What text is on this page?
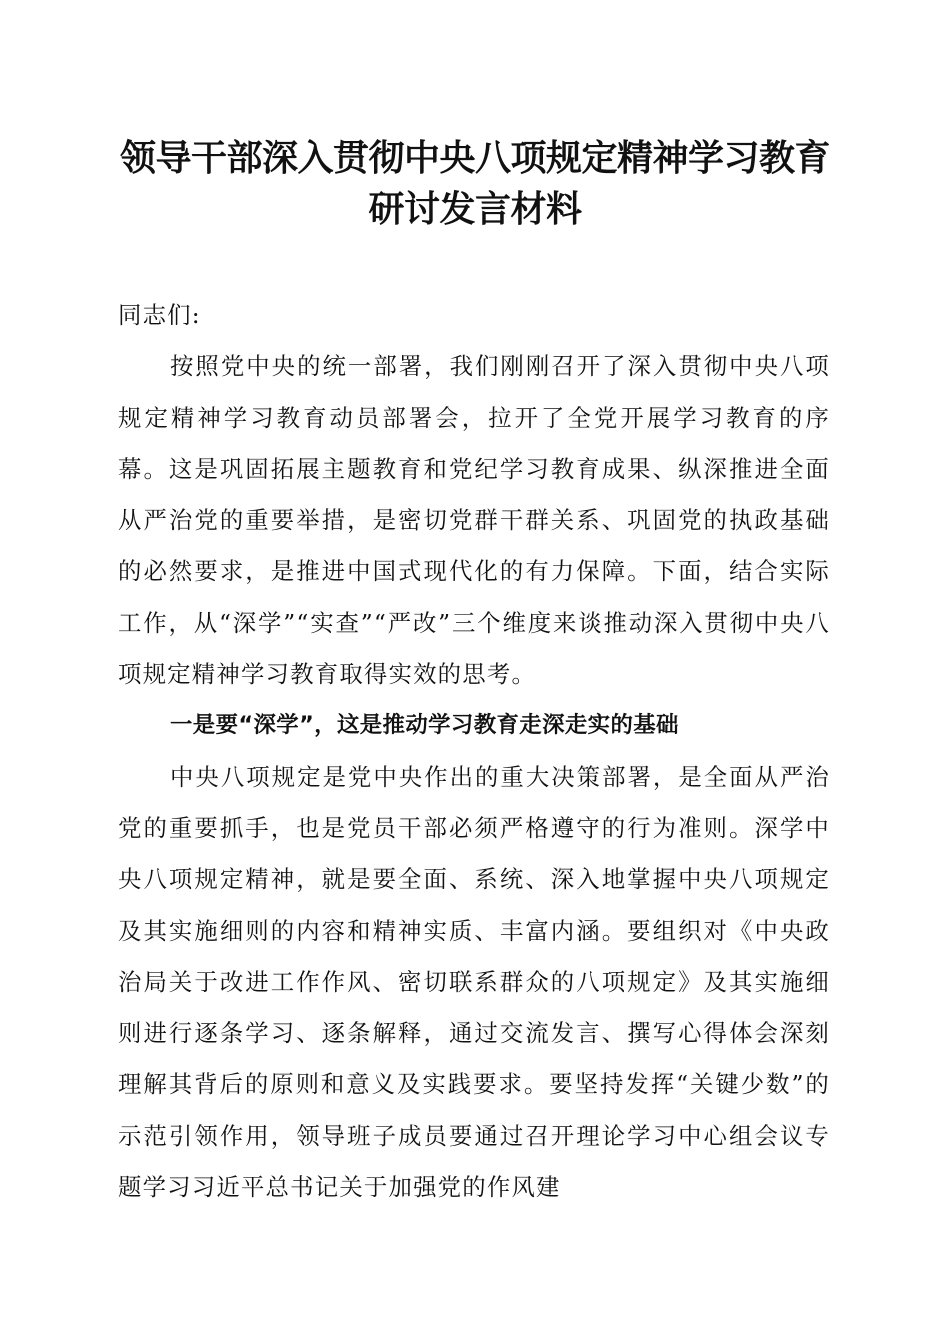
领导干部深入贯彻中央八项规定精神学习教育
研讨发言材料

同志们:

按照党中央的统一部署，我们刚刚召开了深入贯彻中央八项规定精神学习教育动员部署会，拉开了全党开展学习教育的序幕。这是巩固拓展主题教育和党纪学习教育成果、纵深推进全面从严治党的重要举措，是密切党群干群关系、巩固党的执政基础的必然要求，是推进中国式现代化的有力保障。下面，结合实际工作，从“深学”“实查”“严改”三个维度来谈推动深入贯彻中央八项规定精神学习教育取得实效的思考。

一是要“深学”，这是推动学习教育走深走实的基础

中央八项规定是党中央作出的重大决策部署，是全面从严治党的重要抓手，也是党员干部必须严格遵守的行为准则。深学中央八项规定精神，就是要全面、系统、深入地掌握中央八项规定及其实施细则的内容和精神实质、丰富内涵。要组织对《中央政治局关于改进工作作风、密切联系群众的八项规定》及其实施细则进行逐条学习、逐条解释，通过交流发言、撰写心得体会深刻理解其背后的原则和意义及实践要求。要坚持发挥“关键少数”的示范引领作用，领导班子成员要通过召开理论学习中心组会议专题学习习近平总书记关于加强党的作风建
